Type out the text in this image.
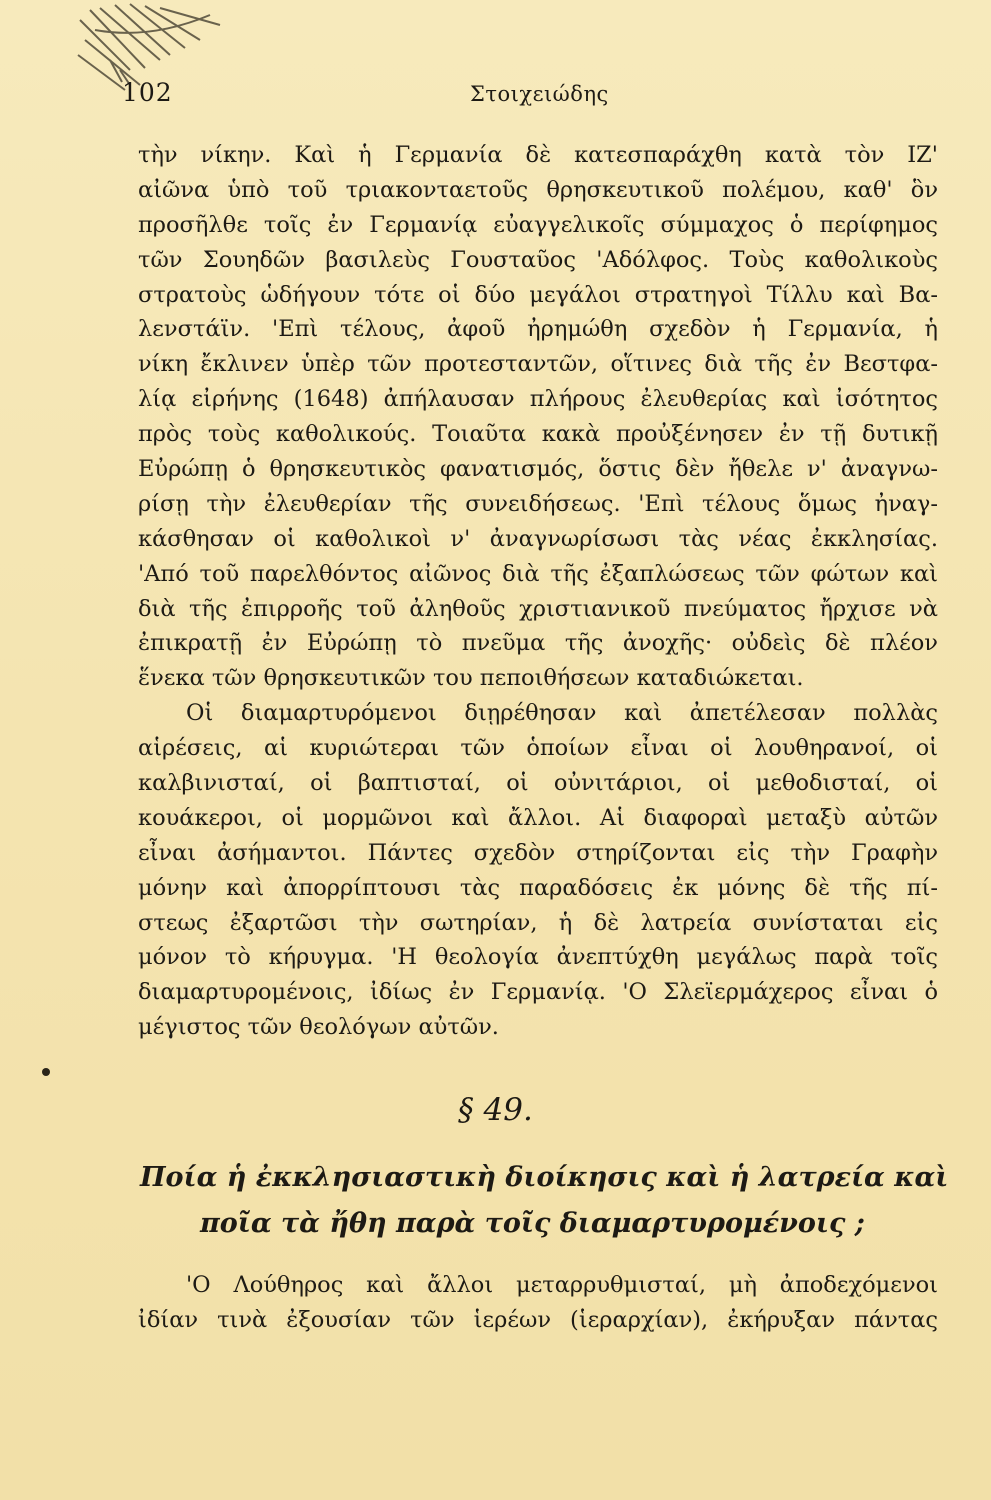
102	Στοιχειώδης
τὴν νίκην. Καὶ ἡ Γερμανία δὲ κατεσπαράχθη κατὰ τὸν ΙΖ'
αἰῶνα ὑπὸ τοῦ τριακονταετοῦς θρησκευτικοῦ πολέμου, καθ' ὃν
προσῆλθε τοῖς ἐν Γερμανίᾳ εὐαγγελικοῖς σύμμαχος ὁ περίφημος
τῶν Σουηδῶν βασιλεὺς Γουσταῦος 'Αδόλφος. Τοὺς καθολικοὺς
στρατοὺς ὡδήγουν τότε οἱ δύο μεγάλοι στρατηγοὶ Τίλλυ καὶ Βα-
λενστάϊν. 'Επὶ τέλους, ἀφοῦ ἠρημώθη σχεδὸν ἡ Γερμανία, ἡ
νίκη ἔκλινεν ὑπὲρ τῶν προτεσταντῶν, οἵτινες διὰ τῆς ἐν Βεστφα-
λίᾳ εἰρήνης (1648) ἀπήλαυσαν πλήρους ἐλευθερίας καὶ ἰσότητος
πρὸς τοὺς καθολικούς. Τοιαῦτα κακὰ προὐξένησεν ἐν τῇ δυτικῇ
Εὐρώπῃ ὁ θρησκευτικὸς φανατισμός, ὅστις δὲν ἤθελε ν' ἀναγνω-
ρίσῃ τὴν ἐλευθερίαν τῆς συνειδήσεως. 'Επὶ τέλους ὅμως ἠναγ-
κάσθησαν οἱ καθολικοὶ ν' ἀναγνωρίσωσι τὰς νέας ἐκκλησίας.
'Από τοῦ παρελθόντος αἰῶνος διὰ τῆς ἐξαπλώσεως τῶν φώτων καὶ
διὰ τῆς ἐπιρροῆς τοῦ ἀληθοῦς χριστιανικοῦ πνεύματος ἤρχισε νὰ
ἐπικρατῇ ἐν Εὐρώπῃ τὸ πνεῦμα τῆς ἀνοχῆς· οὐδεὶς δὲ πλέον
ἕνεκα τῶν θρησκευτικῶν του πεποιθήσεων καταδιώκεται.
Οἱ διαμαρτυρόμενοι διῃρέθησαν καὶ ἀπετέλεσαν πολλὰς
αἱρέσεις, αἱ κυριώτεραι τῶν ὁποίων εἶναι οἱ λουθηρανοί, οἱ
καλβινισταί, οἱ βαπτισταί, οἱ οὐνιτάριοι, οἱ μεθοδισταί, οἱ
κουάκεροι, οἱ μορμῶνοι καὶ ἄλλοι. Αἱ διαφοραὶ μεταξὺ αὐτῶν
εἶναι ἀσήμαντοι. Πάντες σχεδὸν στηρίζονται εἰς τὴν Γραφὴν
μόνην καὶ ἀπορρίπτουσι τὰς παραδόσεις ἐκ μόνης δὲ τῆς πί-
στεως ἐξαρτῶσι τὴν σωτηρίαν, ἡ δὲ λατρεία συνίσταται εἰς
μόνον τὸ κήρυγμα. 'Η θεολογία ἀνεπτύχθη μεγάλως παρὰ τοῖς
διαμαρτυρομένοις, ἰδίως ἐν Γερμανίᾳ. 'Ο Σλεϊερμάχερος εἶναι ὁ
μέγιστος τῶν θεολόγων αὐτῶν.
§ 49.
Ποία ἡ ἐκκλησιαστικὴ διοίκησις καὶ ἡ λατρεία καὶ
ποῖα τὰ ἤθη παρὰ τοῖς διαμαρτυρομένοις ;
'Ο Λούθηρος καὶ ἄλλοι μεταρρυθμισταί, μὴ ἀποδεχόμενοι
ἰδίαν τινὰ ἐξουσίαν τῶν ἱερέων (ἱεραρχίαν), ἐκήρυξαν πάντας
